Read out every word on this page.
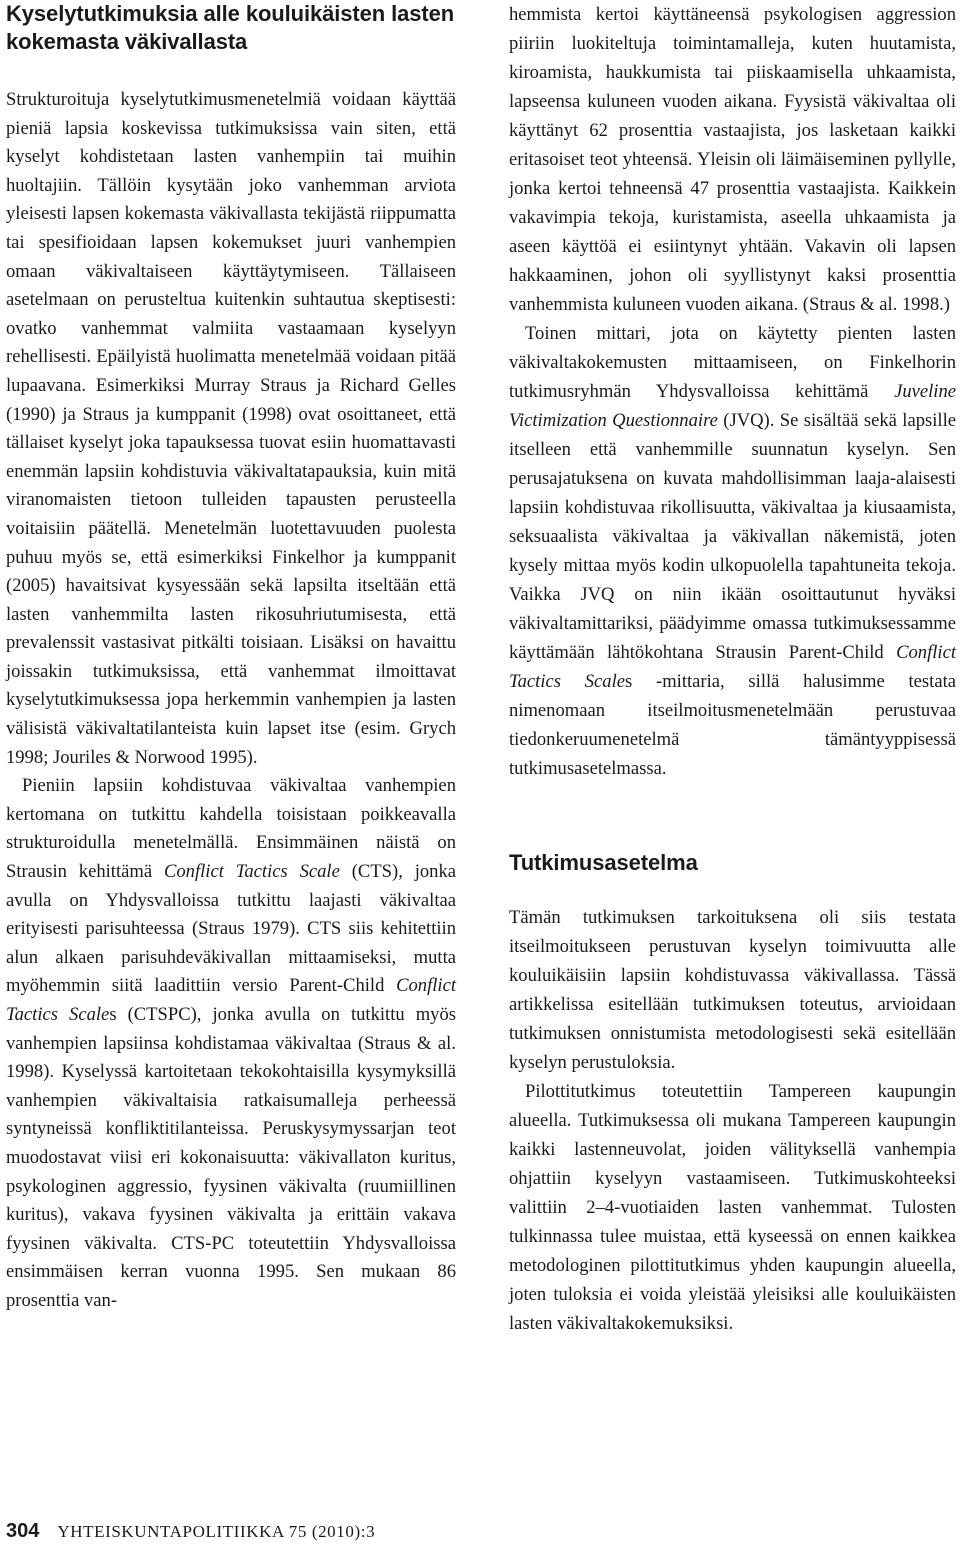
Kyselytutkimuksia alle kouluikäisten lasten kokemasta väkivallasta

Strukturoituja kyselytutkimusmenetelmiä voidaan käyttää pieniä lapsia koskevissa tutkimuksissa vain siten, että kyselyt kohdistetaan lasten vanhempiin tai muihin huoltajiin. Tällöin kysytään joko vanhemman arviota yleisesti lapsen kokemasta väkivallasta tekijästä riippumatta tai spesifioidaan lapsen kokemukset juuri vanhempien omaan väkivaltaiseen käyttäytymiseen. Tällaiseen asetelmaan on perusteltua kuitenkin suhtautua skeptisesti: ovatko vanhemmat valmiita vastaamaan kyselyyn rehellisesti. Epäilyistä huolimatta menetelmää voidaan pitää lupaavana. Esimerkiksi Murray Straus ja Richard Gelles (1990) ja Straus ja kumppanit (1998) ovat osoittaneet, että tällaiset kyselyt joka tapauksessa tuovat esiin huomattavasti enemmän lapsiin kohdistuvia väkivaltatapauksia, kuin mitä viranomaisten tietoon tulleiden tapausten perusteella voitaisiin päätellä. Menetelmän luotettavuuden puolesta puhuu myös se, että esimerkiksi Finkelhor ja kumppanit (2005) havaitsivat kysyessään sekä lapsilta itseltään että lasten vanhemmilta lasten rikosuhriutumisesta, että prevalenssit vastasivat pitkälti toisiaan. Lisäksi on havaittu joissakin tutkimuksissa, että vanhemmat ilmoittavat kyselytutkimuksessa jopa herkemmin vanhempien ja lasten välisistä väkivaltatilanteista kuin lapset itse (esim. Grych 1998; Jouriles & Norwood 1995).

Pieniin lapsiin kohdistuvaa väkivaltaa vanhempien kertomana on tutkittu kahdella toisistaan poikkeavalla strukturoidulla menetelmällä. Ensimmäinen näistä on Strausin kehittämä Conflict Tactics Scale (CTS), jonka avulla on Yhdysvalloissa tutkittu laajasti väkivaltaa erityisesti parisuhteessa (Straus 1979). CTS siis kehitettiin alun alkaen parisuhdeväkivallan mittaamiseksi, mutta myöhemmin siitä laadittiin versio Parent-Child Conflict Tactics Scales (CTSPC), jonka avulla on tutkittu myös vanhempien lapsiinsa kohdistamaa väkivaltaa (Straus & al. 1998). Kyselyssä kartoitetaan tekokohtaisilla kysymyksillä vanhempien väkivaltaisia ratkaisumalleja perheessä syntyneissä konfliktitilanteissa. Peruskysymyssarjan teot muodostavat viisi eri kokonaisuutta: väkivallaton kuritus, psykologinen aggressio, fyysinen väkivalta (ruumiillinen kuritus), vakava fyysinen väkivalta ja erittäin vakava fyysinen väkivalta. CTS-PC toteutettiin Yhdysvalloissa ensimmäisen kerran vuonna 1995. Sen mukaan 86 prosenttia van-

hemmista kertoi käyttäneensä psykologisen aggression piiriin luokiteltuja toimintamalleja, kuten huutamista, kiroamista, haukkumista tai piiskaamisella uhkaamista, lapseensa kuluneen vuoden aikana. Fyysistä väkivaltaa oli käyttänyt 62 prosenttia vastaajista, jos lasketaan kaikki eritasoiset teot yhteensä. Yleisin oli läimäiseminen pyllylle, jonka kertoi tehneensä 47 prosenttia vastaajista. Kaikkein vakavimpia tekoja, kuristamista, aseella uhkaamista ja aseen käyttöä ei esiintynyt yhtään. Vakavin oli lapsen hakkaaminen, johon oli syyllistynyt kaksi prosenttia vanhemmista kuluneen vuoden aikana. (Straus & al. 1998.)

Toinen mittari, jota on käytetty pienten lasten väkivaltakokemusten mittaamiseen, on Finkelhorin tutkimusryhmän Yhdysvalloissa kehittämä Juveline Victimization Questionnaire (JVQ). Se sisältää sekä lapsille itselleen että vanhemmille suunnatun kyselyn. Sen perusajatuksena on kuvata mahdollisimman laaja-alaisesti lapsiin kohdistuvaa rikollisuutta, väkivaltaa ja kiusaamista, seksuaalista väkivaltaa ja väkivallan näkemistä, joten kysely mittaa myös kodin ulkopuolella tapahtuneita tekoja. Vaikka JVQ on niin ikään osoittautunut hyväksi väkivaltamittariksi, päädyimme omassa tutkimuksessamme käyttämään lähtökohtana Strausin Parent-Child Conflict Tactics Scales -mittaria, sillä halusimme testata nimenomaan itseilmoitusmenetelmään perustuvaa tiedonkeruumenetelmä tämäntyyppisessä tutkimusasetelmassa.

Tutkimusasetelma

Tämän tutkimuksen tarkoituksena oli siis testata itseilmoitukseen perustuvan kyselyn toimivuutta alle kouluikäisiin lapsiin kohdistuvassa väkivallassa. Tässä artikkelissa esitellään tutkimuksen toteutus, arvioidaan tutkimuksen onnistumista metodologisesti sekä esitellään kyselyn perustuloksia.

Pilottitutkimus toteutettiin Tampereen kaupungin alueella. Tutkimuksessa oli mukana Tampereen kaupungin kaikki lastenneuvolat, joiden välityksellä vanhempia ohjattiin kyselyyn vastaamiseen. Tutkimuskohteeksi valittiin 2–4-vuotiaiden lasten vanhemmat. Tulosten tulkinnassa tulee muistaa, että kyseessä on ennen kaikkea metodologinen pilottitutkimus yhden kaupungin alueella, joten tuloksia ei voida yleistää yleisiksi alle kouluikäisten lasten väkivaltakokemuksiksi.

304 YHTEISKUNTAPOLITIIKKA 75 (2010):3
